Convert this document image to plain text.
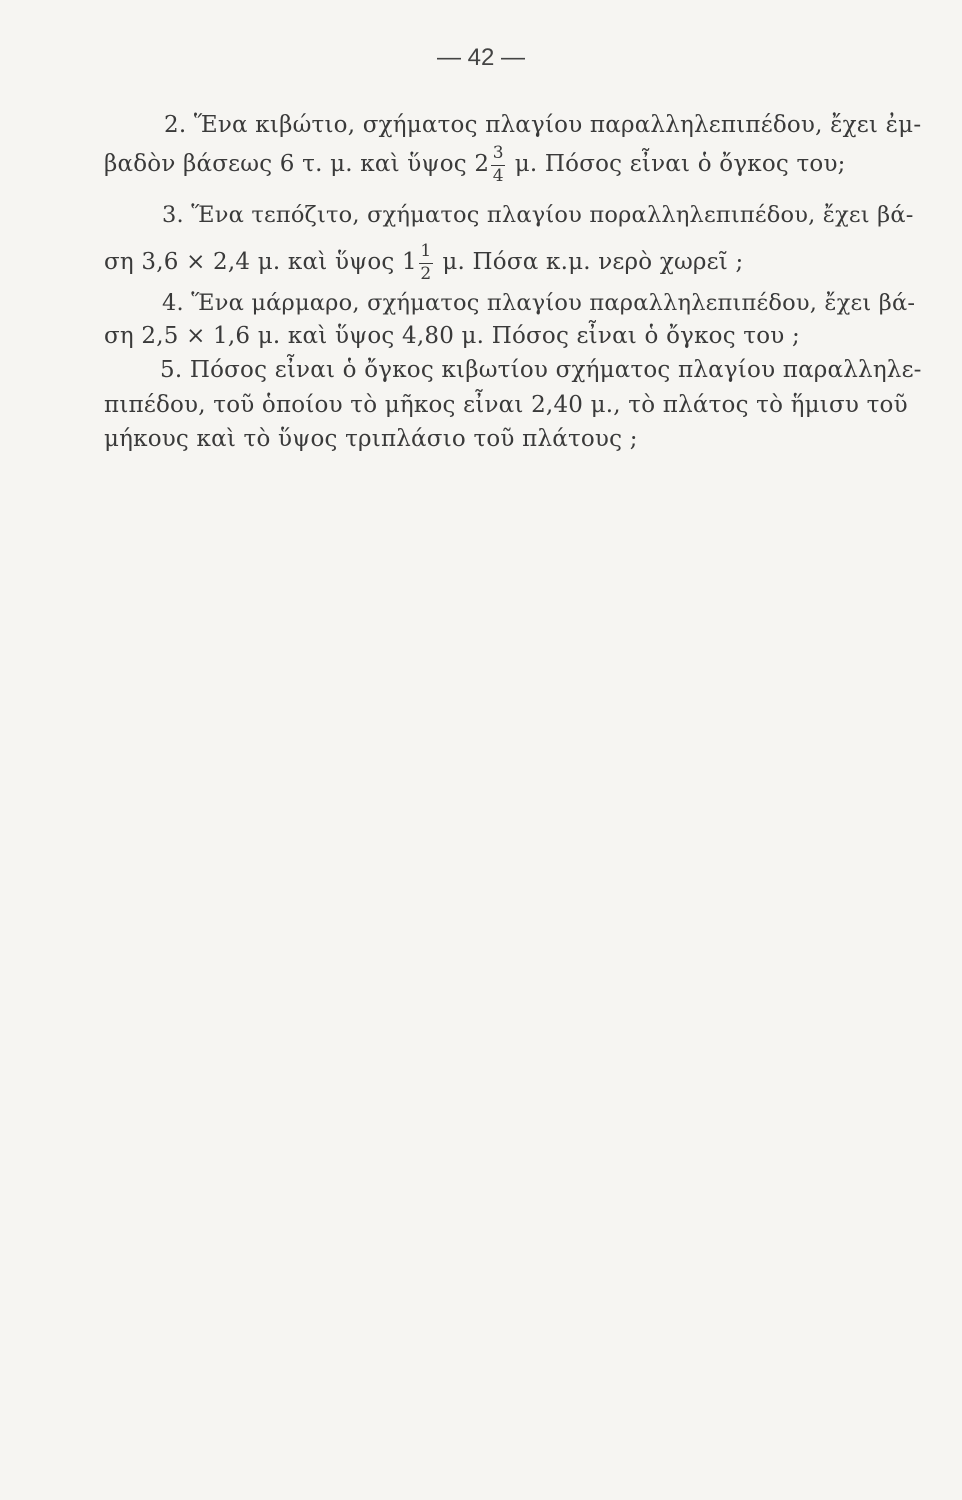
— 42 —
2. Ἕνα κιβώτιο, σχήματος πλαγίου παραλληλεπιπέδου, ἔχει ἐμ-
βαδὸν βάσεως 6 τ. μ. καὶ ὕψος $2 \frac{3}{4} \mu$. Πόσος εἶναι ὁ ὄγκος του;
3. Ἕνα τεπόζιτο, σχήματος πλαγίου ποραλληλεπιπέδου, ἔχει βά-
ση 3,6 × 2,4 μ. καὶ ὕψος $1 \frac{1}{2} \mu$. Πόσα κ.μ. νερὸ χωρεῖ ;
4. Ἕνα μάρμαρο, σχήματος πλαγίου παραλληλεπιπέδου, ἔχει βά-
ση 2,5 × 1,6 μ. καὶ ὕψος 4,80 μ. Πόσος εἶναι ὁ ὄγκος του ;
5. Πόσος εἶναι ὁ ὄγκος κιβωτίου σχήματος πλαγίου παραλληλε-
πιπέδου, τοῦ ὁποίου τὸ μῆκος εἶναι 2,40 μ., τὸ πλάτος τὸ ἥμισυ τοῦ
μήκους καὶ τὸ ὕψος τριπλάσιο τοῦ πλάτους ;
